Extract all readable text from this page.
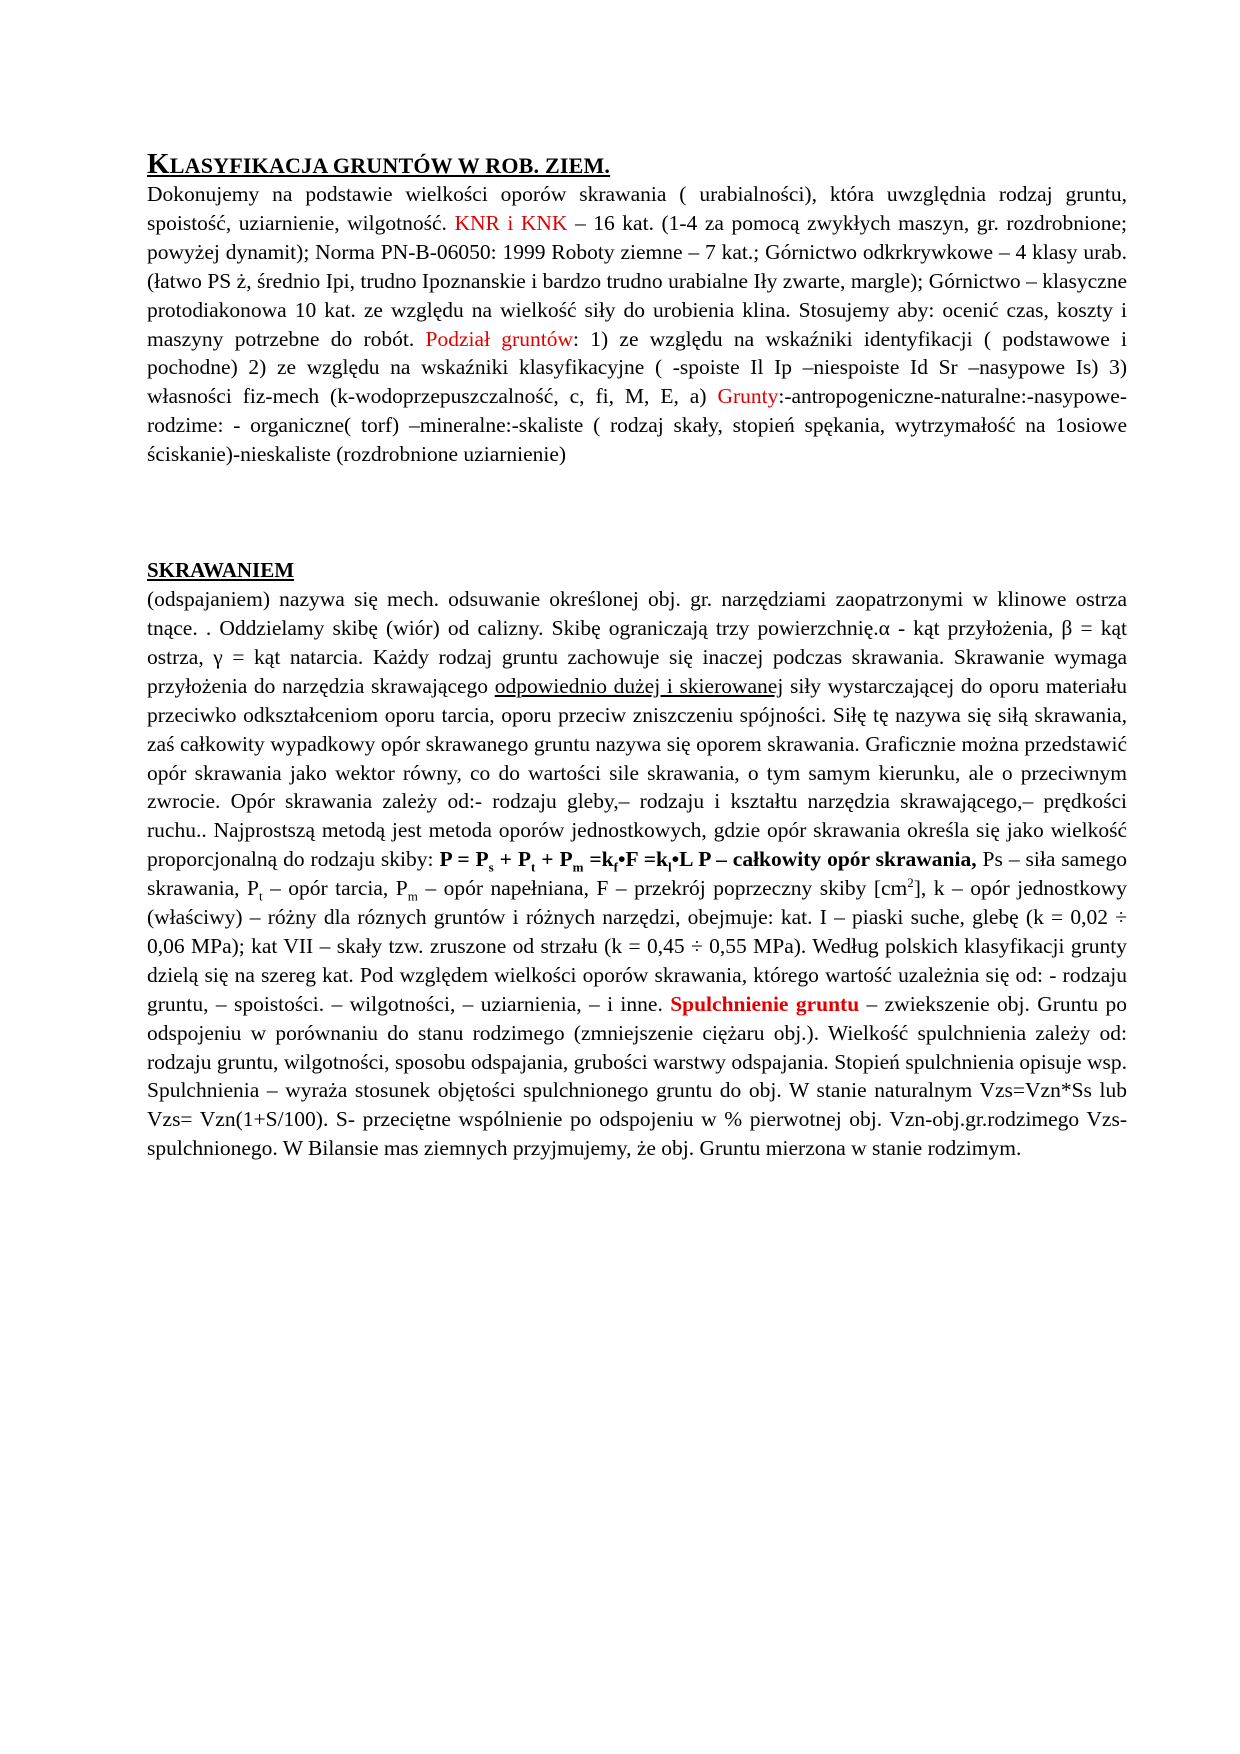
KLASYFIKACJA GRUNTÓW W ROB. ZIEM.

Dokonujemy na podstawie wielkości oporów skrawania ( urabialności), która uwzględnia rodzaj gruntu, spoistość, uziarnienie, wilgotność. KNR i KNK – 16 kat. (1-4 za pomocą zwykłych maszyn, gr. rozdrobnione; powyżej dynamit); Norma PN-B-06050: 1999 Roboty ziemne – 7 kat.; Górnictwo odkrkrywkowe – 4 klasy urab.(łatwo PS ż, średnio Ipi, trudno Ipoznanskie i bardzo trudno urabialne Iły zwarte, margle); Górnictwo – klasyczne protodiakonowa 10 kat. ze względu na wielkość siły do urobienia klina. Stosujemy aby: ocenić czas, koszty i maszyny potrzebne do robót. Podział gruntów: 1) ze względu na wskaźniki identyfikacji ( podstawowe i pochodne) 2) ze względu na wskaźniki klasyfikacyjne ( -spoiste Il Ip –niespoiste Id Sr –nasypowe Is) 3) własności fiz-mech (k-wodoprzepuszczalność, c, fi, M, E, a) Grunty:-antropogeniczne-naturalne:-nasypowe-rodzime: - organiczne( torf) –mineralne:-skaliste ( rodzaj skały, stopień spękania, wytrzymałość na 1osiowe ściskanie)-nieskaliste (rozdrobnione uziarnienie)

SKRAWANIEM

(odspajaniem) nazywa się mech. odsuwanie określonej obj. gr. narzędziami zaopatrzonymi w klinowe ostrza tnące. . Oddzielamy skibę (wiór) od calizny. Skibę ograniczają trzy powierzchnię.α - kąt przyłożenia, β = kąt ostrza, γ = kąt natarcia. Każdy rodzaj gruntu zachowuje się inaczej podczas skrawania. Skrawanie wymaga przyłożenia do narzędzia skrawającego odpowiednio dużej i skierowanej siły wystarczającej do oporu materiału przeciwko odkształceniom oporu tarcia, oporu przeciw zniszczeniu spójności. Siłę tę nazywa się siłą skrawania, zaś całkowity wypadkowy opór skrawanego gruntu nazywa się oporem skrawania. Graficznie można przedstawić opór skrawania jako wektor równy, co do wartości sile skrawania, o tym samym kierunku, ale o przeciwnym zwrocie. Opór skrawania zależy od:- rodzaju gleby,– rodzaju i kształtu narzędzia skrawającego,– prędkości ruchu.. Najprostszą metodą jest metoda oporów jednostkowych, gdzie opór skrawania określa się jako wielkość proporcjonalną do rodzaju skiby: $P = P_s + P_t + P_m$ $=k_f•F$ $=k_l•L$ P – całkowity opór skrawania, Ps – siła samego skrawania, $P_t$ – opór tarcia, $P_m$ – opór napełniana, F – przekrój poprzeczny skiby $[cm^2]$, k – opór jednostkowy (właściwy) – różny dla róznych gruntów i różnych narzędzi, obejmuje: kat. I – piaski suche, glebę (k = 0,02 ÷ 0,06 MPa); kat VII – skały tzw. zruszone od strzału (k = 0,45 ÷ 0,55 MPa). Według polskich klasyfikacji grunty dzielą się na szereg kat. Pod względem wielkości oporów skrawania, którego wartość uzależnia się od: - rodzaju gruntu, – spoistości. – wilgotności, – uziarnienia, – i inne. Spulchnienie gruntu – zwiekszenie obj. Gruntu po odspojeniu w porównaniu do stanu rodzimego (zmniejszenie ciężaru obj.). Wielkość spulchnienia zależy od: rodzaju gruntu, wilgotności, sposobu odspajania, grubości warstwy odspajania. Stopień spulchnienia opisuje wsp. Spulchnienia – wyraża stosunek objętości spulchnionego gruntu do obj. W stanie naturalnym Vzs=Vzn*Ss lub Vzs= Vzn(1+S/100). S- przeciętne wspólnienie po odspojeniu w % pierwotnej obj. Vzn-obj.gr.rodzimego Vzs-spulchnionego. W Bilansie mas ziemnych przyjmujemy, że obj. Gruntu mierzona w stanie rodzimym.
